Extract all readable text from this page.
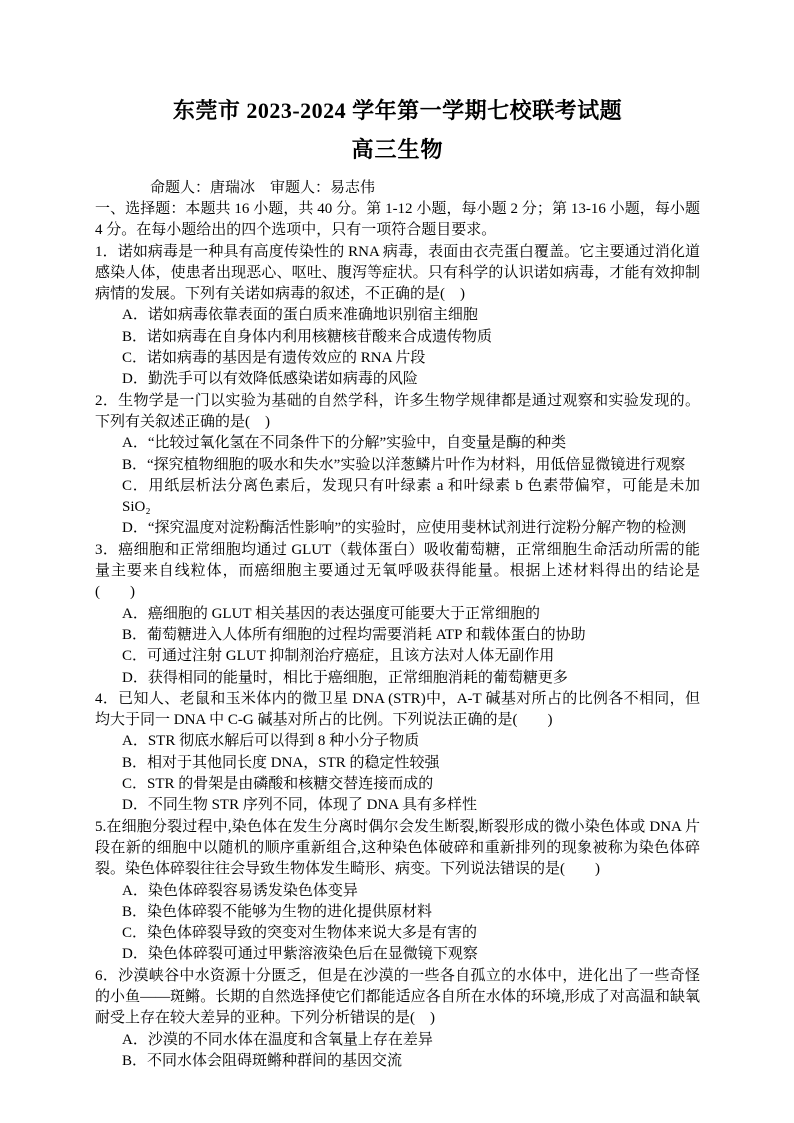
东莞市 2023-2024 学年第一学期七校联考试题
高三生物

命题人：唐瑞冰　审题人：易志伟

一、选择题：本题共 16 小题，共 40 分。第 1-12 小题，每小题 2 分；第 13-16 小题，每小题 4 分。在每小题给出的四个选项中，只有一项符合题目要求。

1．诺如病毒是一种具有高度传染性的 RNA 病毒，表面由衣壳蛋白覆盖。它主要通过消化道感染人体，使患者出现恶心、呕吐、腹泻等症状。只有科学的认识诺如病毒，才能有效抑制病情的发展。下列有关诺如病毒的叙述，不正确的是(　)

A．诺如病毒依靠表面的蛋白质来准确地识别宿主细胞

B．诺如病毒在自身体内利用核糖核苷酸来合成遗传物质

C．诺如病毒的基因是有遗传效应的 RNA 片段

D．勤洗手可以有效降低感染诺如病毒的风险

2．生物学是一门以实验为基础的自然学科，许多生物学规律都是通过观察和实验发现的。下列有关叙述正确的是(　)

A．“比较过氧化氢在不同条件下的分解”实验中，自变量是酶的种类

B．“探究植物细胞的吸水和失水”实验以洋葱鳞片叶作为材料，用低倍显微镜进行观察

C．用纸层析法分离色素后，发现只有叶绿素 a 和叶绿素 b 色素带偏窄，可能是未加 SiO₂

D．“探究温度对淀粉酶活性影响”的实验时，应使用斐林试剂进行淀粉分解产物的检测

3．癌细胞和正常细胞均通过 GLUT（载体蛋白）吸收葡萄糖，正常细胞生命活动所需的能量主要来自线粒体，而癌细胞主要通过无氧呼吸获得能量。根据上述材料得出的结论是(　　)

A．癌细胞的 GLUT 相关基因的表达强度可能要大于正常细胞的

B．葡萄糖进入人体所有细胞的过程均需要消耗 ATP 和载体蛋白的协助

C．可通过注射 GLUT 抑制剂治疗癌症，且该方法对人体无副作用

D．获得相同的能量时，相比于癌细胞，正常细胞消耗的葡萄糖更多

4．已知人、老鼠和玉米体内的微卫星 DNA (STR)中，A-T 碱基对所占的比例各不相同，但均大于同一 DNA 中 C-G 碱基对所占的比例。下列说法正确的是(　　)

A．STR 彻底水解后可以得到 8 种小分子物质

B．相对于其他同长度 DNA，STR 的稳定性较强

C．STR 的骨架是由磷酸和核糖交替连接而成的

D．不同生物 STR 序列不同，体现了 DNA 具有多样性

5.在细胞分裂过程中,染色体在发生分离时偶尔会发生断裂,断裂形成的微小染色体或 DNA 片段在新的细胞中以随机的顺序重新组合,这种染色体破碎和重新排列的现象被称为染色体碎裂。染色体碎裂往往会导致生物体发生畸形、病变。下列说法错误的是(　　)

A．染色体碎裂容易诱发染色体变异

B．染色体碎裂不能够为生物的进化提供原材料

C．染色体碎裂导致的突变对生物体来说大多是有害的

D．染色体碎裂可通过甲紫溶液染色后在显微镜下观察

6．沙漠峡谷中水资源十分匮乏，但是在沙漠的一些各自孤立的水体中，进化出了一些奇怪的小鱼——斑鳉。长期的自然选择使它们都能适应各自所在水体的环境,形成了对高温和缺氧耐受上存在较大差异的亚种。下列分析错误的是(　)

A．沙漠的不同水体在温度和含氧量上存在差异

B．不同水体会阻碍斑鳉种群间的基因交流
